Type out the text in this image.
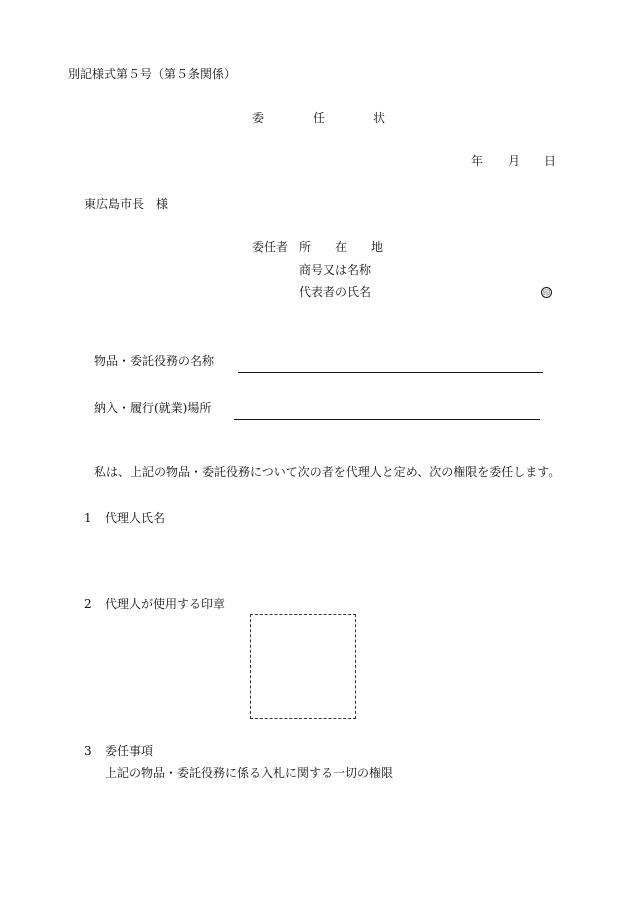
別記様式第５号（第５条関係）
委	任	状
年 月 日
東広島市長　様
委任者 所　　在　　地
商号又は名称
代表者の氏名	印
物品・委託役務の名称
納入・履行(就業)場所
私は、上記の物品・委託役務について次の者を代理人と定め、次の権限を委任します。
1 代理人氏名
2 代理人が使用する印章
3 委任事項
上記の物品・委託役務に係る入札に関する一切の権限
